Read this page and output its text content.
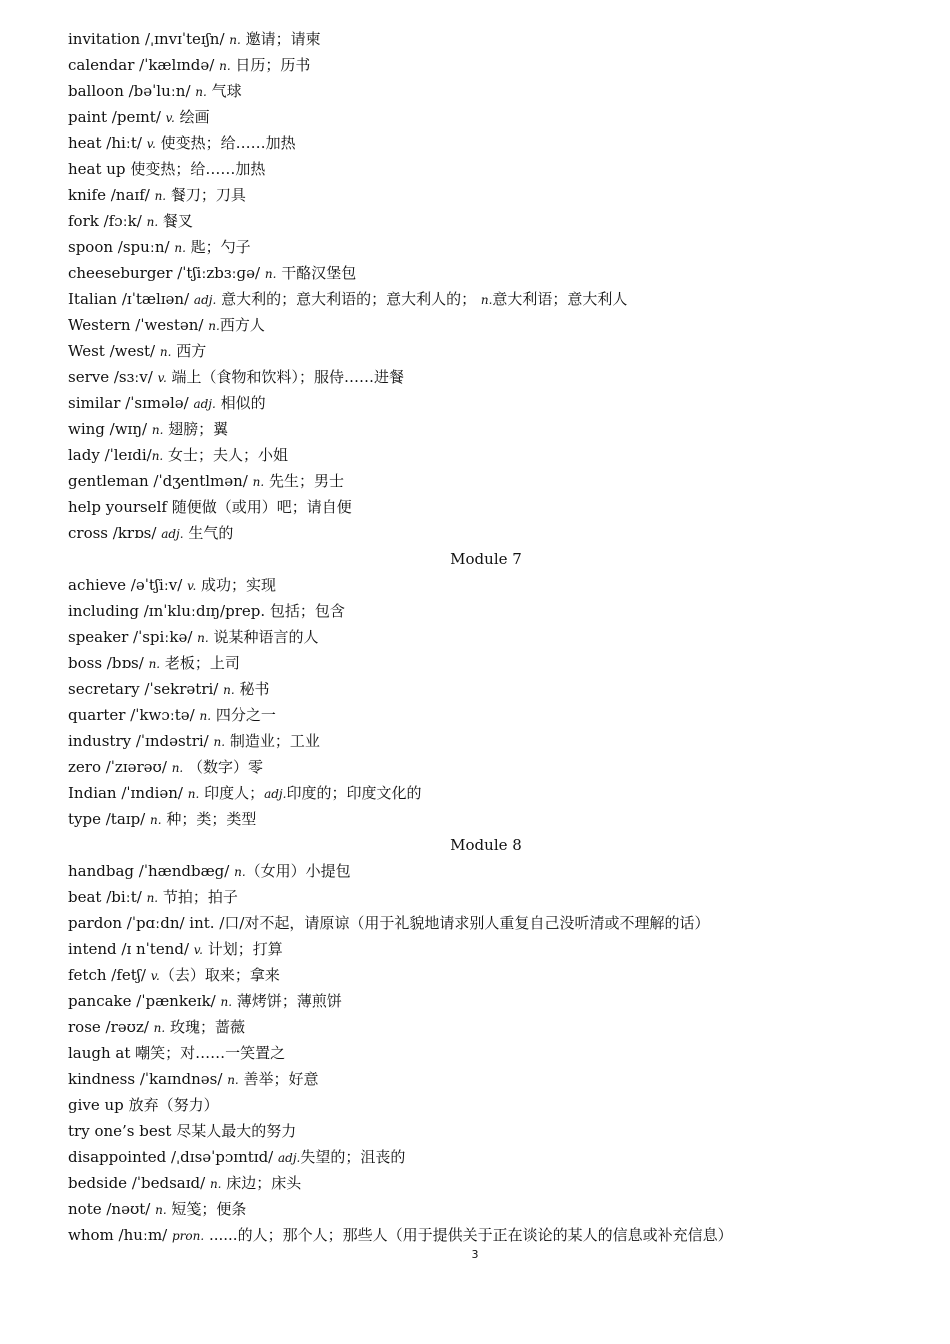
invitation /ˌɪnvɪˈteɪʃn/ n. 邀请；请柬
calendar /ˈkælɪndə/ n. 日历；历书
balloon /bəˈluːn/ n. 气球
paint /peɪnt/ v. 绘画
heat /hiːt/ v. 使变热；给……加热
heat up 使变热；给……加热
knife /naɪf/ n. 餐刀；刀具
fork /fɔːk/ n. 餐叉
spoon /spuːn/ n. 匙；勺子
cheeseburger /ˈtʃiːzbɜːɡə/ n. 干酪汉堡包
Italian /ɪˈtælɪən/ adj. 意大利的；意大利语的；意大利人的； n.意大利语；意大利人
Western /ˈwestən/ n.西方人
West /west/ n. 西方
serve /sɜːv/ v. 端上（食物和饮料）；服侍……进餐
similar /ˈsɪmələ/ adj. 相似的
wing /wɪŋ/ n. 翅膀；翼
lady /ˈleɪdi/n. 女士；夫人；小姐
gentleman /ˈdʒentlmən/ n. 先生；男士
help yourself 随便做（或用）吧；请自便
cross /krɒs/ adj. 生气的
Module 7
achieve /əˈtʃiːv/ v. 成功；实现
including /ɪnˈkluːdɪŋ/prep. 包括；包含
speaker /ˈspiːkə/ n. 说某种语言的人
boss /bɒs/ n. 老板；上司
secretary /ˈsekrətri/ n. 秘书
quarter /ˈkwɔːtə/ n. 四分之一
industry /ˈɪndəstri/ n. 制造业；工业
zero /ˈzɪərəʊ/ n. （数字）零
Indian /ˈɪndiən/ n. 印度人；adj.印度的；印度文化的
type /taɪp/ n. 种；类；类型
Module 8
handbag /ˈhændbæg/ n.（女用）小提包
beat /biːt/ n. 节拍；拍子
pardon /ˈpɑːdn/ int. /口/对不起，请原谅（用于礼貌地请求别人重复自己没听清或不理解的话）
intend /ɪ nˈtend/ v. 计划；打算
fetch /fetʃ/ v.（去）取来；拿来
pancake /ˈpænkeɪk/ n. 薄烤饼；薄煎饼
rose /rəʊz/ n. 玫瑰；蔷薇
laugh at 嘲笑；对……一笑置之
kindness /ˈkaɪndnəs/ n. 善举；好意
give up 放弃（努力）
try one’s best 尽某人最大的努力
disappointed /ˌdɪsəˈpɔɪntɪd/ adj.失望的；沮丧的
bedside /ˈbedsaɪd/ n. 床边；床头
note /nəʊt/ n. 短笺；便条
whom /huːm/ pron. ......的人；那个人；那些人（用于提供关于正在谈论的某人的信息或补充信息）
3
